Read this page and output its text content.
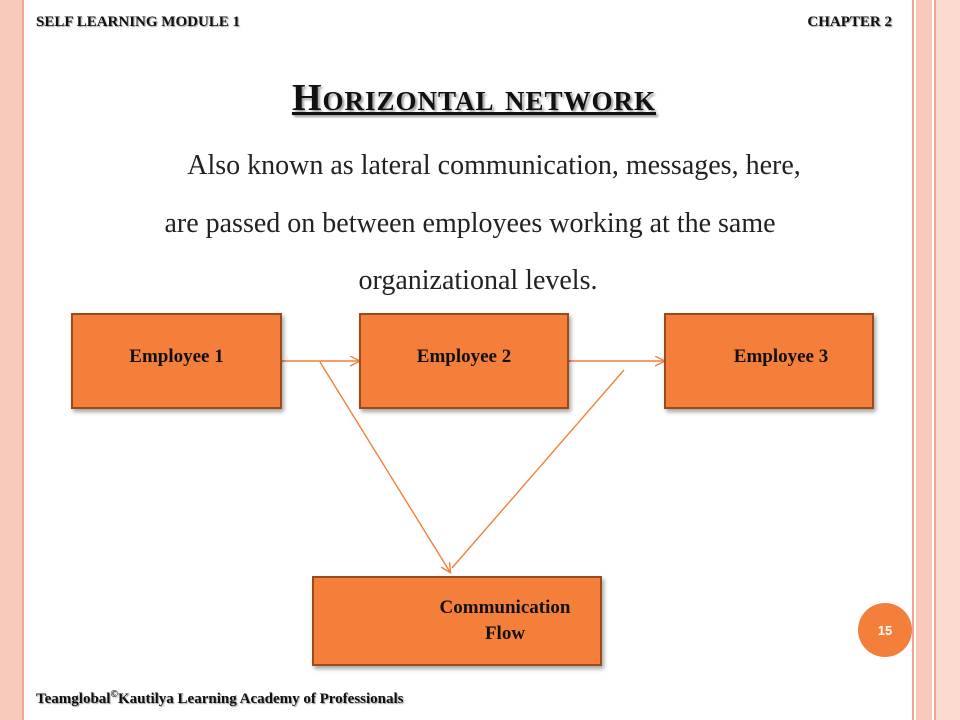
SELF LEARNING MODULE 1	CHAPTER 2
Horizontal network
Also known as lateral communication, messages, here,
are passed on between employees working at the same
organizational levels.
Employee 1	Employee 2	Employee 3
Communication
Flow	15
Teamglobal©Kautilya Learning Academy of Professionals
